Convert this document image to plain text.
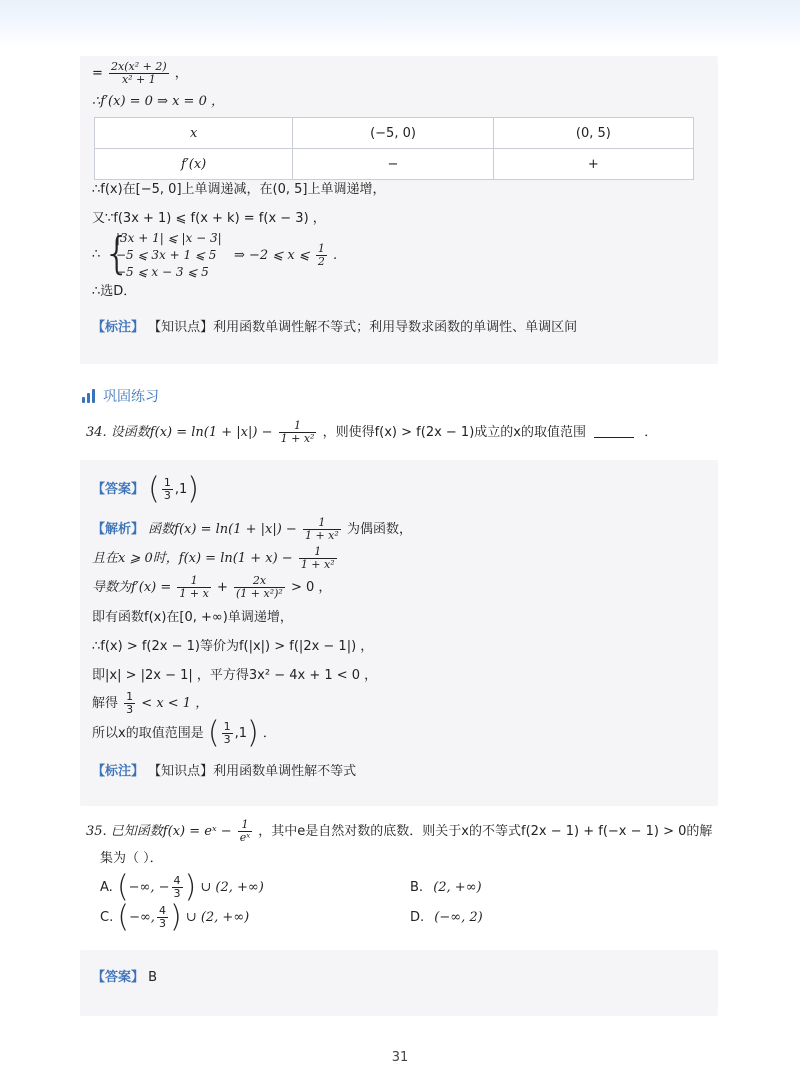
= $\frac{\text{2x(x² + 2)}}{\text{x² + 1}}$ ，
∴f′(x) = 0 ⇒ x = 0 ，
x	(−5, 0)	(0, 5)
f′(x)	−	+
∴f(x)在[−5, 0]上单调递减，在(0, 5]上单调递增，
又∵f(3x + 1) ⩽ f(x + k) = f(x − 3) ，
∴ {
|3x + 1| ⩽ |x − 3|
−5 ⩽ 3x + 1 ⩽ 5
−5 ⩽ x − 3 ⩽ 5
⇒ −2 ⩽ x ⩽ $\frac{1}{2}$ .
∴选D．
【标注】 【知识点】利用函数单调性解不等式；利用导数求函数的单调性、单调区间
巩固练习
34. 设函数$f(x) = \ln(1 + |x|) - \frac{1}{\text{1 + x²}}$ ，则使得f(x) > f(2x − 1)成立的x的取值范围	．
【答案】 ( $\frac{1}{3} ,1$)
【解析】 函数$f(x) = \ln(1 + |x|) - \frac{1}{\text{1 + x²}}$ 为偶函数，
且在x ⩾ 0时，$f(x) = \ln(1 + x) - \frac{1}{\text{1 + x²}}$
导数为$f'(x) = \frac{1}{1 + x} + \frac{2x}{\text{(1 + x²)²}} > 0$ ，
即有函数f(x)在[0, +∞)单调递增，
∴f(x) > f(2x − 1)等价为f(|x|) > f(|2x − 1|) ，
即|x| > |2x − 1| ，平方得3x² − 4x + 1 < 0 ，
解得 $\frac{1}{3} < x < 1$ ，
所以x的取值范围是 ( $\frac{1}{3} ,1$) ．
【标注】 【知识点】利用函数单调性解不等式
35. 已知函数f(x) = eˣ − $\frac{1}{\text{eˣ}}$ ，其中e是自然对数的底数．则关于x的不等式f(2x − 1) + f(−x − 1) > 0的解
集为（ ）．
A. (−∞, − $\frac{4}{3}$ ) ∪ (2, +∞)	B. (2, +∞)
C. (−∞, $\frac{4}{3}$ ) ∪ (2, +∞)	D. (−∞, 2)
【答案】 B
31
